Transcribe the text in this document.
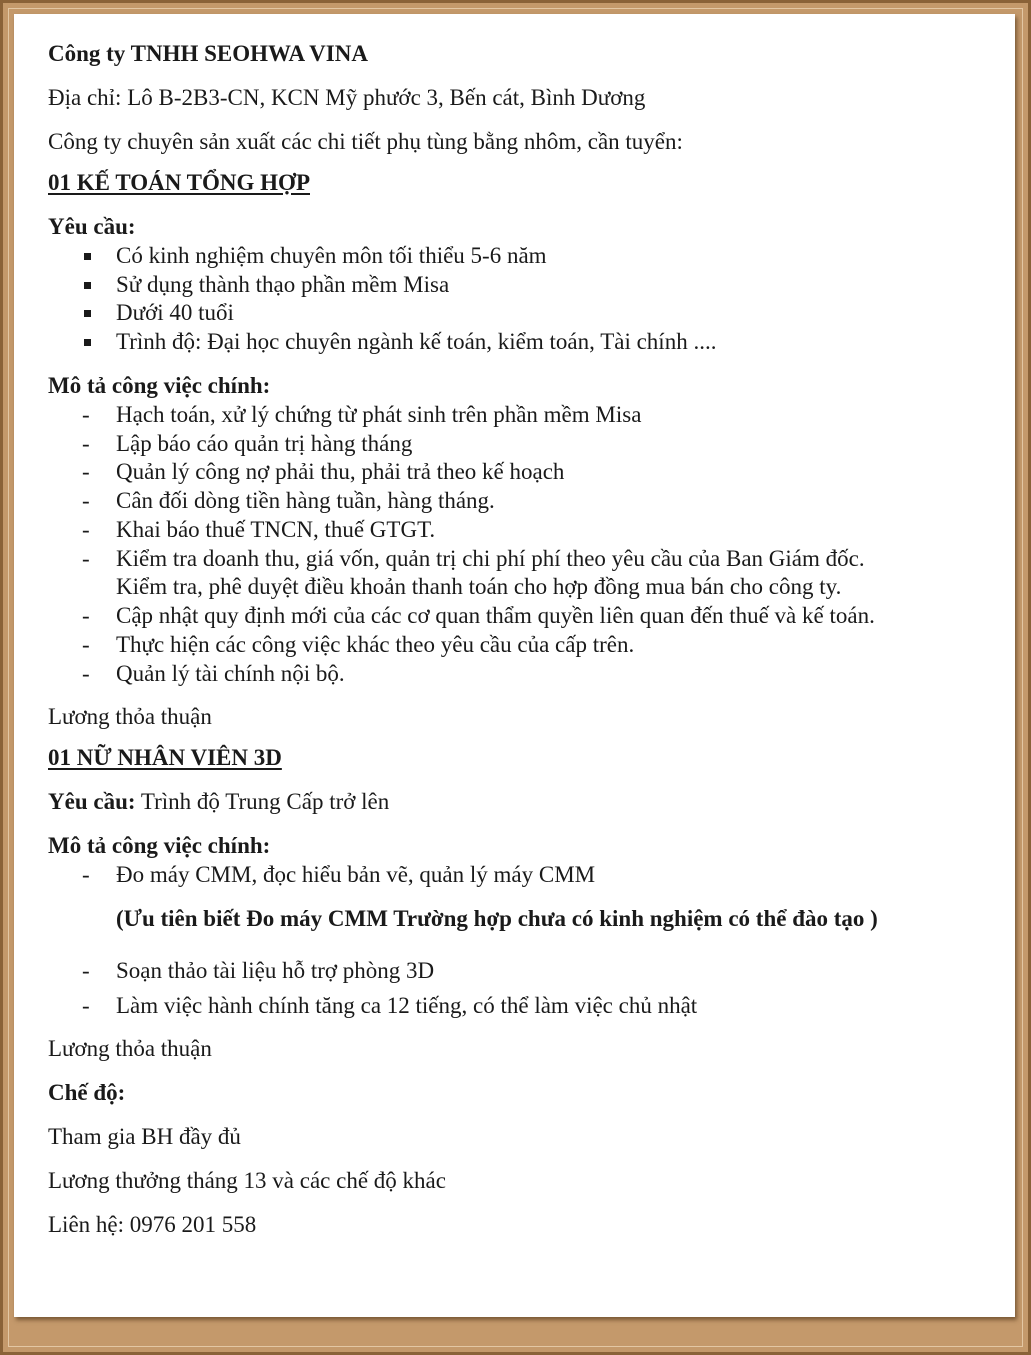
Công ty TNHH SEOHWA VINA

Địa chỉ: Lô B-2B3-CN, KCN Mỹ phước 3, Bến cát, Bình Dương

Công ty chuyên sản xuất các chi tiết phụ tùng bằng nhôm, cần tuyển:

01 KẾ TOÁN TỔNG HỢP

Yêu cầu:

Có kinh nghiệm chuyên môn tối thiểu 5-6 năm
Sử dụng thành thạo phần mềm Misa
Dưới 40 tuổi
Trình độ: Đại học chuyên ngành kế toán, kiểm toán, Tài chính ....

Mô tả công việc chính:

- Hạch toán, xử lý chứng từ phát sinh trên phần mềm Misa
- Lập báo cáo quản trị hàng tháng
- Quản lý công nợ phải thu, phải trả theo kế hoạch
- Cân đối dòng tiền hàng tuần, hàng tháng.
- Khai báo thuế TNCN, thuế GTGT.
- Kiểm tra doanh thu, giá vốn, quản trị chi phí phí theo yêu cầu của Ban Giám đốc.
Kiểm tra, phê duyệt điều khoản thanh toán cho hợp đồng mua bán cho công ty.
- Cập nhật quy định mới của các cơ quan thẩm quyền liên quan đến thuế và kế toán.
- Thực hiện các công việc khác theo yêu cầu của cấp trên.
- Quản lý tài chính nội bộ.

Lương thỏa thuận

01 NỮ NHÂN VIÊN 3D

Yêu cầu: Trình độ Trung Cấp trở lên

Mô tả công việc chính:

- Đo máy CMM, đọc hiểu bản vẽ, quản lý máy CMM

(Ưu tiên biết Đo máy CMM Trường hợp chưa có kinh nghiệm có thể đào tạo )

- Soạn thảo tài liệu hỗ trợ phòng 3D
- Làm việc hành chính tăng ca 12 tiếng, có thể làm việc chủ nhật

Lương thỏa thuận

Chế độ:

Tham gia BH đầy đủ

Lương thưởng tháng 13 và các chế độ khác

Liên hệ: 0976 201 558
